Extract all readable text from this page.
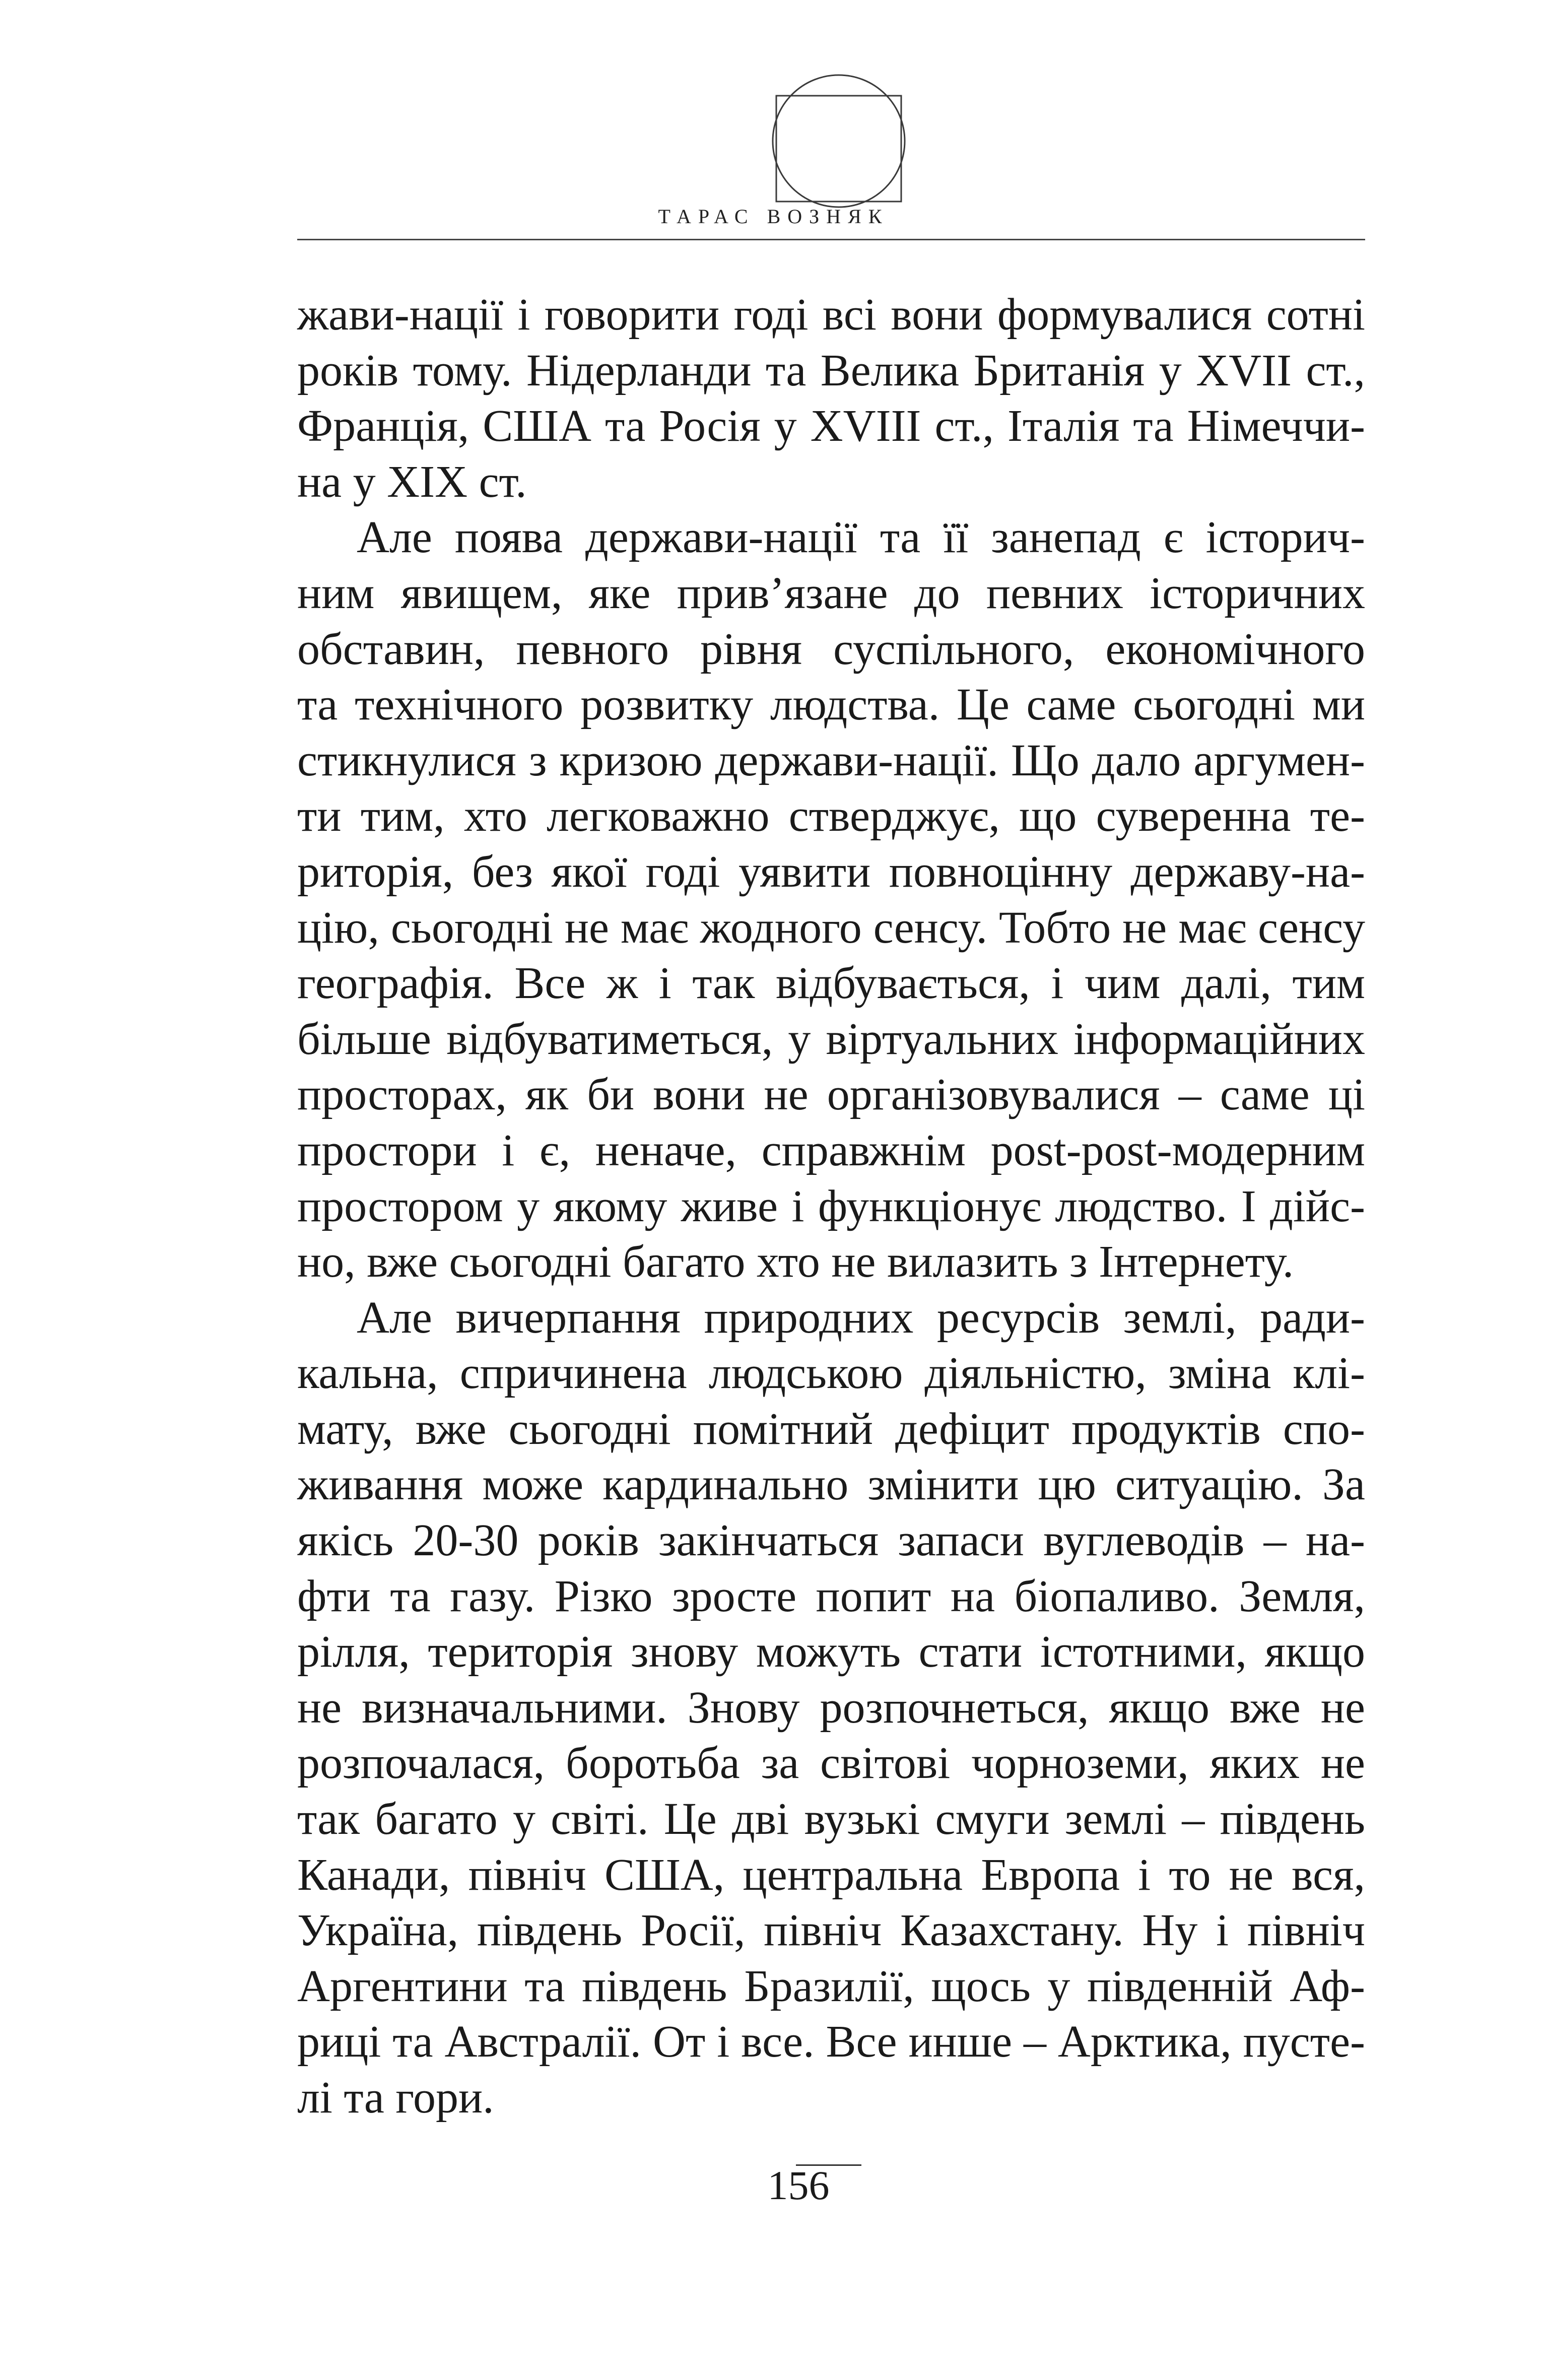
ТАРАС ВОЗНЯК
жави-нації і говорити годі всі вони формувалися сотні
років тому. Нідерланди та Велика Британія у XVII ст.,
Франція, США та Росія у XVIII ст., Італія та Німеччи-
на у XIX ст.
Але поява держави-нації та її занепад є історич-
ним явищем, яке прив’язане до певних історичних
обставин, певного рівня суспільного, економічного
та технічного розвитку людства. Це саме сьогодні ми
стикнулися з кризою держави-нації. Що дало аргумен-
ти тим, хто легковажно стверджує, що суверенна те-
риторія, без якої годі уявити повноцінну державу-на-
цію, сьогодні не має жодного сенсу. Тобто не має сенсу
географія. Все ж і так відбувається, і чим далі, тим
більше відбуватиметься, у віртуальних інформаційних
просторах, як би вони не організовувалися – саме ці
простори і є, неначе, справжнім post-post-модерним
простором у якому живе і функціонує людство. І дійс-
но, вже сьогодні багато хто не вилазить з Інтернету.
Але вичерпання природних ресурсів землі, ради-
кальна, спричинена людською діяльністю, зміна клі-
мату, вже сьогодні помітний дефіцит продуктів спо-
живання може кардинально змінити цю ситуацію. За
якісь 20-30 років закінчаться запаси вуглеводів – на-
фти та газу. Різко зросте попит на біопаливо. Земля,
рілля, територія знову можуть стати істотними, якщо
не визначальними. Знову розпочнеться, якщо вже не
розпочалася, боротьба за світові чорноземи, яких не
так багато у світі. Це дві вузькі смуги землі – південь
Канади, північ США, центральна Европа і то не вся,
Україна, південь Росії, північ Казахстану. Ну і північ
Аргентини та південь Бразилії, щось у південній Аф-
риці та Австралії. От і все. Все инше – Арктика, пусте-
лі та гори.
156
